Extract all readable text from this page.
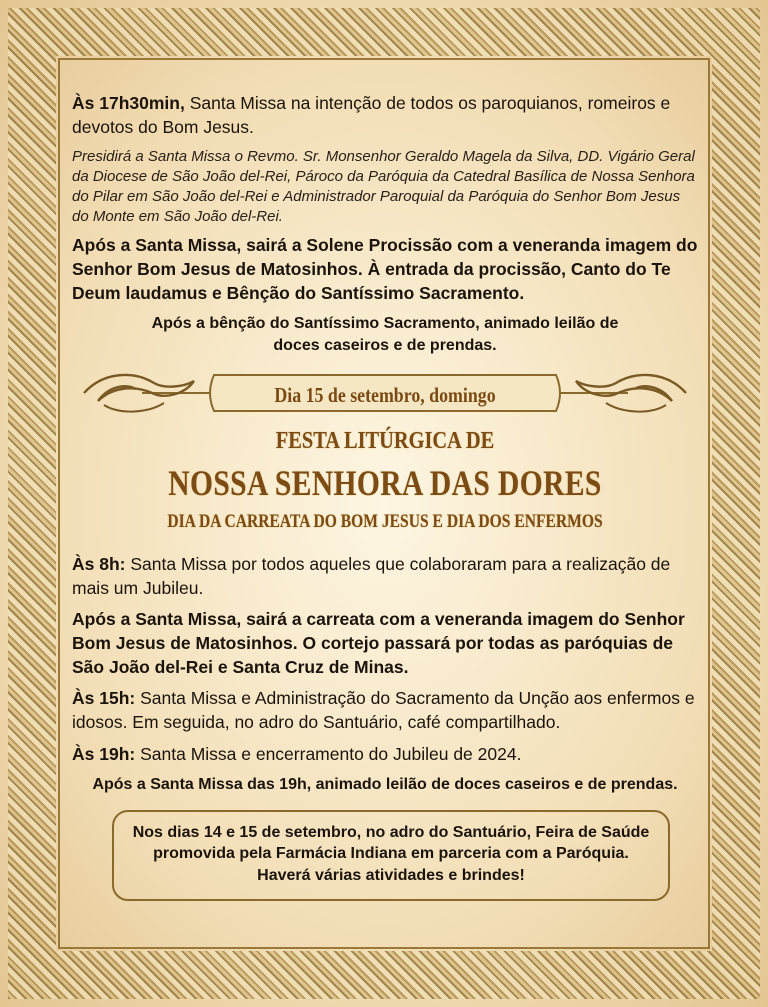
Às 17h30min, Santa Missa na intenção de todos os paroquianos, romeiros e devotos do Bom Jesus.

Presidirá a Santa Missa o Revmo. Sr. Monsenhor Geraldo Magela da Silva, DD. Vigário Geral da Diocese de São João del-Rei, Pároco da Paróquia da Catedral Basílica de Nossa Senhora do Pilar em São João del-Rei e Administrador Paroquial da Paróquia do Senhor Bom Jesus do Monte em São João del-Rei.

Após a Santa Missa, sairá a Solene Procissão com a veneranda imagem do Senhor Bom Jesus de Matosinhos. À entrada da procissão, Canto do Te Deum laudamus e Bênção do Santíssimo Sacramento.

Após a bênção do Santíssimo Sacramento, animado leilão de
doces caseiros e de prendas.
Dia 15 de setembro, domingo
FESTA LITÚRGICA DE
NOSSA SENHORA DAS DORES
DIA DA CARREATA DO BOM JESUS E DIA DOS ENFERMOS

Às 8h: Santa Missa por todos aqueles que colaboraram para a realização de mais um Jubileu.

Após a Santa Missa, sairá a carreata com a veneranda imagem do Senhor Bom Jesus de Matosinhos. O cortejo passará por todas as paróquias de São João del-Rei e Santa Cruz de Minas.

Às 15h: Santa Missa e Administração do Sacramento da Unção aos enfermos e idosos. Em seguida, no adro do Santuário, café compartilhado.

Às 19h: Santa Missa e encerramento do Jubileu de 2024.

Após a Santa Missa das 19h, animado leilão de doces caseiros e de prendas.
Nos dias 14 e 15 de setembro, no adro do Santuário, Feira de Saúde
promovida pela Farmácia Indiana em parceria com a Paróquia.
Haverá várias atividades e brindes!
